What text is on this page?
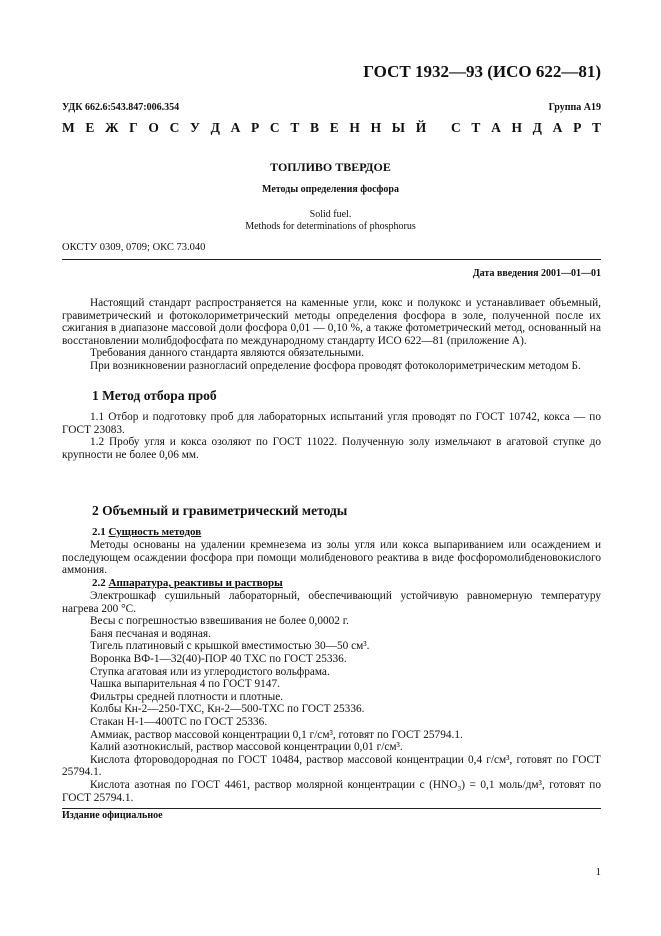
ГОСТ 1932—93 (ИСО 622—81)
УДК 662.6:543.847:006.354	Группа А19
М Е Ж Г О С У Д А Р С Т В Е Н Н Ы Й
С Т А Н Д А Р Т
ТОПЛИВО ТВЕРДОЕ
Методы определения фосфора
Solid fuel.
Methods for determinations of phosphorus
ОКСТУ 0309, 0709; ОКС 73.040
Дата введения 2001—01—01

Настоящий стандарт распространяется на каменные угли, кокс и полукокс и устанавливает объемный, гравиметрический и фотоколориметрический методы определения фосфора в золе, полученной после их сжигания в диапазоне массовой доли фосфора 0,01 — 0,10 %, а также фотометрический метод, основанный на восстановлении молибдофосфата по международному стандарту ИСО 622—81 (приложение А).

Требования данного стандарта являются обязательными.

При возникновении разногласий определение фосфора проводят фотоколориметрическим методом Б.

1 Метод отбора проб

1.1 Отбор и подготовку проб для лабораторных испытаний угля проводят по ГОСТ 10742, кокса — по ГОСТ 23083.

1.2 Пробу угля и кокса озоляют по ГОСТ 11022. Полученную золу измельчают в агатовой ступке до крупности не более 0,06 мм.

2 Объемный и гравиметрический методы
2.1 Сущность методов

Методы основаны на удалении кремнезема из золы угля или кокса выпариванием или осаждением и последующем осаждении фосфора при помощи молибденового реактива в виде фосфоромолибденовокислого аммония.

2.2 Аппаратура, реактивы и растворы

Электрошкаф сушильный лабораторный, обеспечивающий устойчивую равномерную температуру нагрева 200 °С.

Весы с погрешностью взвешивания не более 0,0002 г.

Баня песчаная и водяная.

Тигель платиновый с крышкой вместимостью 30—50 см³.

Воронка ВФ-1—32(40)-ПОР 40 ТХС по ГОСТ 25336.

Ступка агатовая или из углеродистого вольфрама.

Чашка выпарительная 4 по ГОСТ 9147.

Фильтры средней плотности и плотные.

Колбы Кн-2—250-ТХС, Кн-2—500-ТХС по ГОСТ 25336.

Стакан Н-1—400ТС по ГОСТ 25336.

Аммиак, раствор массовой концентрации 0,1 г/см³, готовят по ГОСТ 25794.1.

Калий азотнокислый, раствор массовой концентрации 0,01 г/см³.

Кислота фтороводородная по ГОСТ 10484, раствор массовой концентрации 0,4 г/см³, готовят по ГОСТ 25794.1.

Кислота азотная по ГОСТ 4461, раствор молярной концентрации c (HNO₃) = 0,1 моль/дм³, готовят по ГОСТ 25794.1.

Издание официальное
1
